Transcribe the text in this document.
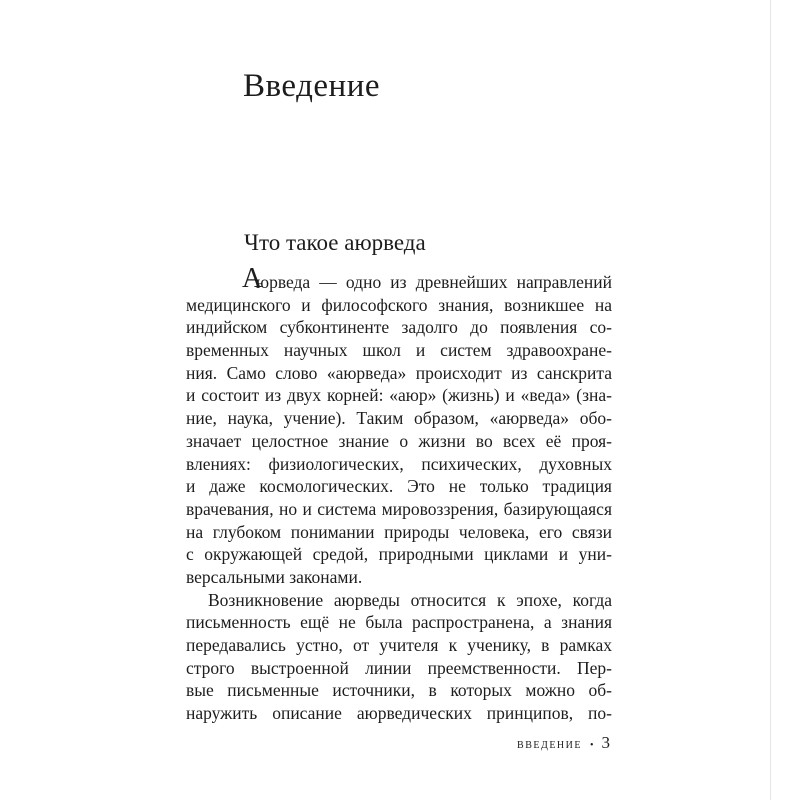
Введение
Что такое аюрведа
А
юрведа — одно из древнейших направлений
медицинского и философского знания, возникшее на
индийском субконтиненте задолго до появления со-
временных научных школ и систем здравоохране-
ния. Само слово «аюрведа» происходит из санскрита
и состоит из двух корней: «аюр» (жизнь) и «веда» (зна-
ние, наука, учение). Таким образом, «аюрведа» обо-
значает целостное знание о жизни во всех её проя-
влениях: физиологических, психических, духовных
и даже космологических. Это не только традиция
врачевания, но и система мировоззрения, базирующаяся
на глубоком понимании природы человека, его связи
с окружающей средой, природными циклами и уни-
версальными законами.
Возникновение аюрведы относится к эпохе, когда
письменность ещё не была распространена, а знания
передавались устно, от учителя к ученику, в рамках
строго выстроенной линии преемственности. Пер-
вые письменные источники, в которых можно об-
наружить описание аюрведических принципов, по-
ВВЕДЕНИЕ • 3
